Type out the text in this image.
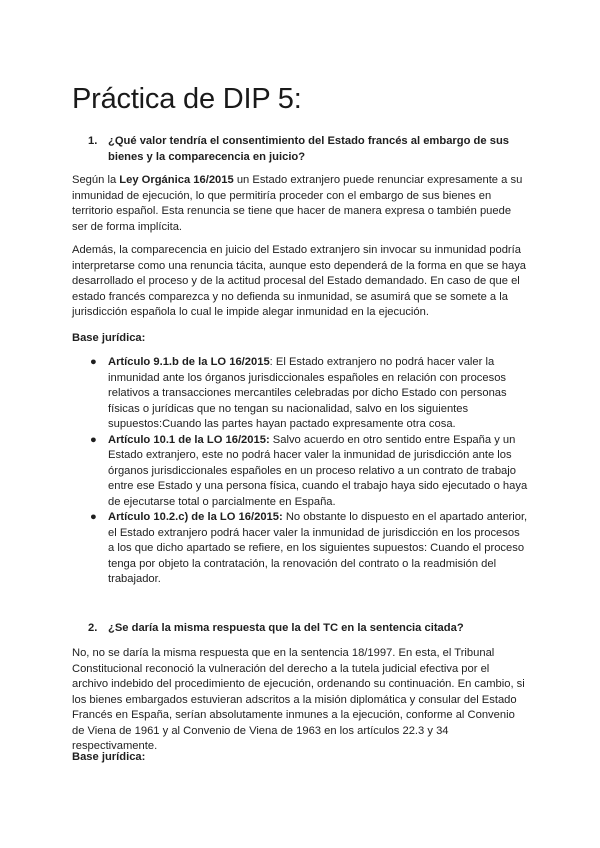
Práctica de DIP 5:
1. ¿Qué valor tendría el consentimiento del Estado francés al embargo de sus bienes y la comparecencia en juicio?

Según la Ley Orgánica 16/2015 un Estado extranjero puede renunciar expresamente a su inmunidad de ejecución, lo que permitiría proceder con el embargo de sus bienes en territorio español. Esta renuncia se tiene que hacer de manera expresa o también puede ser de forma implícita.

Además, la comparecencia en juicio del Estado extranjero sin invocar su inmunidad podría interpretarse como una renuncia tácita, aunque esto dependerá de la forma en que se haya desarrollado el proceso y de la actitud procesal del Estado demandado. En caso de que el estado francés comparezca y no defienda su inmunidad, se asumirá que se somete a la jurisdicción española lo cual le impide alegar inmunidad en la ejecución.

Base jurídica:

● Artículo 9.1.b de la LO 16/2015: El Estado extranjero no podrá hacer valer la inmunidad ante los órganos jurisdiccionales españoles en relación con procesos relativos a transacciones mercantiles celebradas por dicho Estado con personas físicas o jurídicas que no tengan su nacionalidad, salvo en los siguientes supuestos:Cuando las partes hayan pactado expresamente otra cosa.
● Artículo 10.1 de la LO 16/2015: Salvo acuerdo en otro sentido entre España y un Estado extranjero, este no podrá hacer valer la inmunidad de jurisdicción ante los órganos jurisdiccionales españoles en un proceso relativo a un contrato de trabajo entre ese Estado y una persona física, cuando el trabajo haya sido ejecutado o haya de ejecutarse total o parcialmente en España.
● Artículo 10.2.c) de la LO 16/2015: No obstante lo dispuesto en el apartado anterior, el Estado extranjero podrá hacer valer la inmunidad de jurisdicción en los procesos a los que dicho apartado se refiere, en los siguientes supuestos: Cuando el proceso tenga por objeto la contratación, la renovación del contrato o la readmisión del trabajador.
2. ¿Se daría la misma respuesta que la del TC en la sentencia citada?

No, no se daría la misma respuesta que en la sentencia 18/1997. En esta, el Tribunal Constitucional reconoció la vulneración del derecho a la tutela judicial efectiva por el archivo indebido del procedimiento de ejecución, ordenando su continuación. En cambio, si los bienes embargados estuvieran adscritos a la misión diplomática y consular del Estado Francés en España, serían absolutamente inmunes a la ejecución, conforme al Convenio de Viena de 1961 y al Convenio de Viena de 1963 en los artículos 22.3 y 34 respectivamente.

Base jurídica:
